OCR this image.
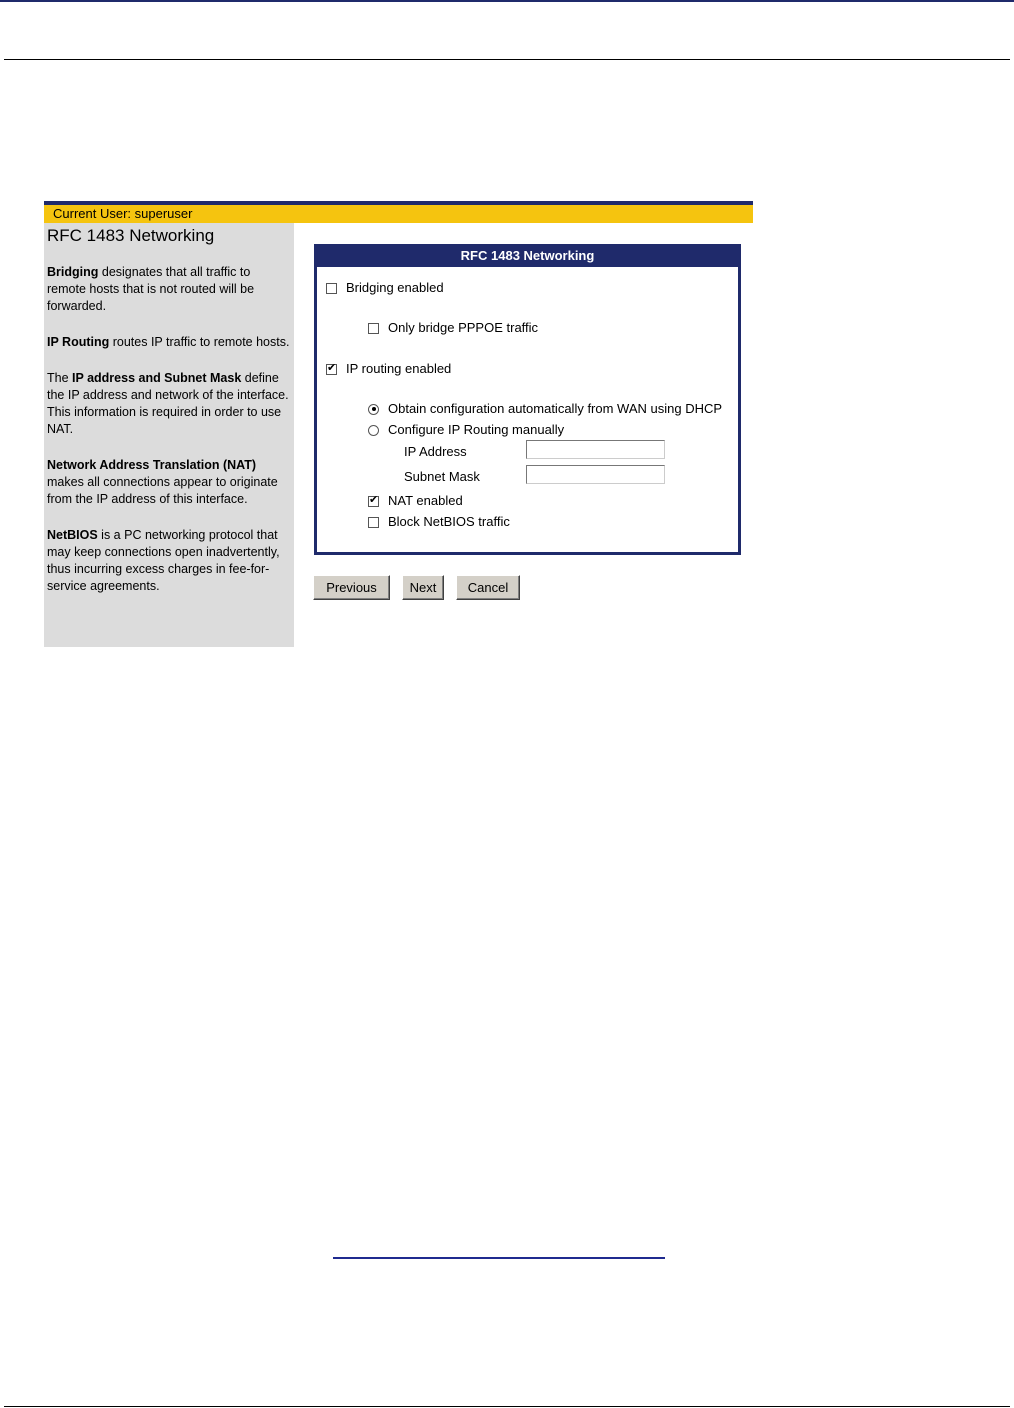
Current User: superuser
RFC 1483 Networking

Bridging designates that all traffic to remote hosts that is not routed will be forwarded.

IP Routing routes IP traffic to remote hosts.

The IP address and Subnet Mask define the IP address and network of the interface. This information is required in order to use NAT.

Network Address Translation (NAT) makes all connections appear to originate from the IP address of this interface.

NetBIOS is a PC networking protocol that may keep connections open inadvertently, thus incurring excess charges in fee-for-service agreements.

RFC 1483 Networking
Bridging enabled
Only bridge PPPOE traffic
✔
IP routing enabled
Obtain configuration automatically from WAN using DHCP
Configure IP Routing manually
IP Address
Subnet Mask
✔
NAT enabled
Block NetBIOS traffic
Previous	Next	Cancel
